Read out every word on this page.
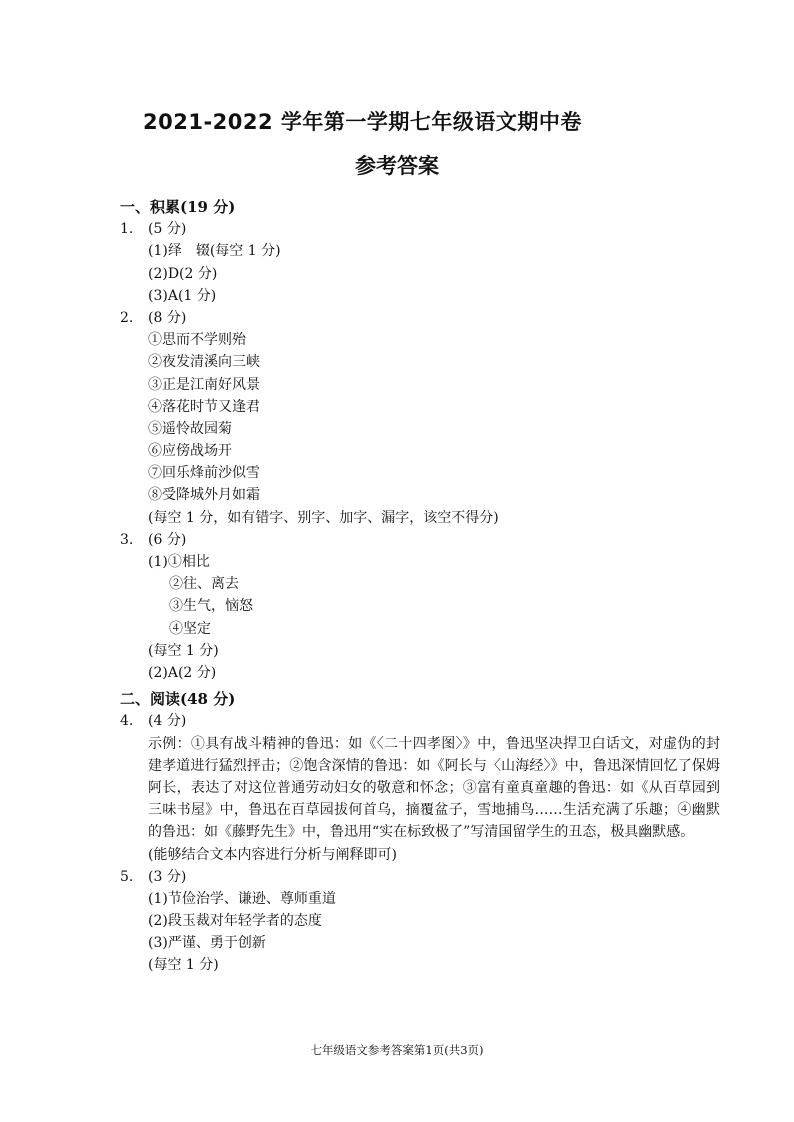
2021-2022 学年第一学期七年级语文期中卷
参考答案
一、积累(19 分)
1. (5 分)
(1)绎　辍(每空 1 分)
(2)D(2 分)
(3)A(1 分)
2. (8 分)
①思而不学则殆
②夜发清溪向三峡
③正是江南好风景
④落花时节又逢君
⑤遥怜故园菊
⑥应傍战场开
⑦回乐烽前沙似雪
⑧受降城外月如霜
(每空 1 分，如有错字、别字、加字、漏字，该空不得分)
3. (6 分)
(1)①相比
②往、离去
③生气，恼怒
④坚定
(每空 1 分)
(2)A(2 分)
二、阅读(48 分)
4. (4 分)
示例：①具有战斗精神的鲁迅：如《〈二十四孝图〉》中，鲁迅坚决捍卫白话文，对虚伪的封建孝道进行猛烈抨击；②饱含深情的鲁迅：如《阿长与〈山海经〉》中，鲁迅深情回忆了保姆阿长，表达了对这位普通劳动妇女的敬意和怀念；③富有童真童趣的鲁迅：如《从百草园到三味书屋》中，鲁迅在百草园拔何首乌，摘覆盆子，雪地捕鸟……生活充满了乐趣；④幽默的鲁迅：如《藤野先生》中，鲁迅用“实在标致极了”写清国留学生的丑态，极具幽默感。
(能够结合文本内容进行分析与阐释即可)
5. (3 分)
(1)节俭治学、谦逊、尊师重道
(2)段玉裁对年轻学者的态度
(3)严谨、勇于创新
(每空 1 分)
七年级语文参考答案第1页(共3页)
